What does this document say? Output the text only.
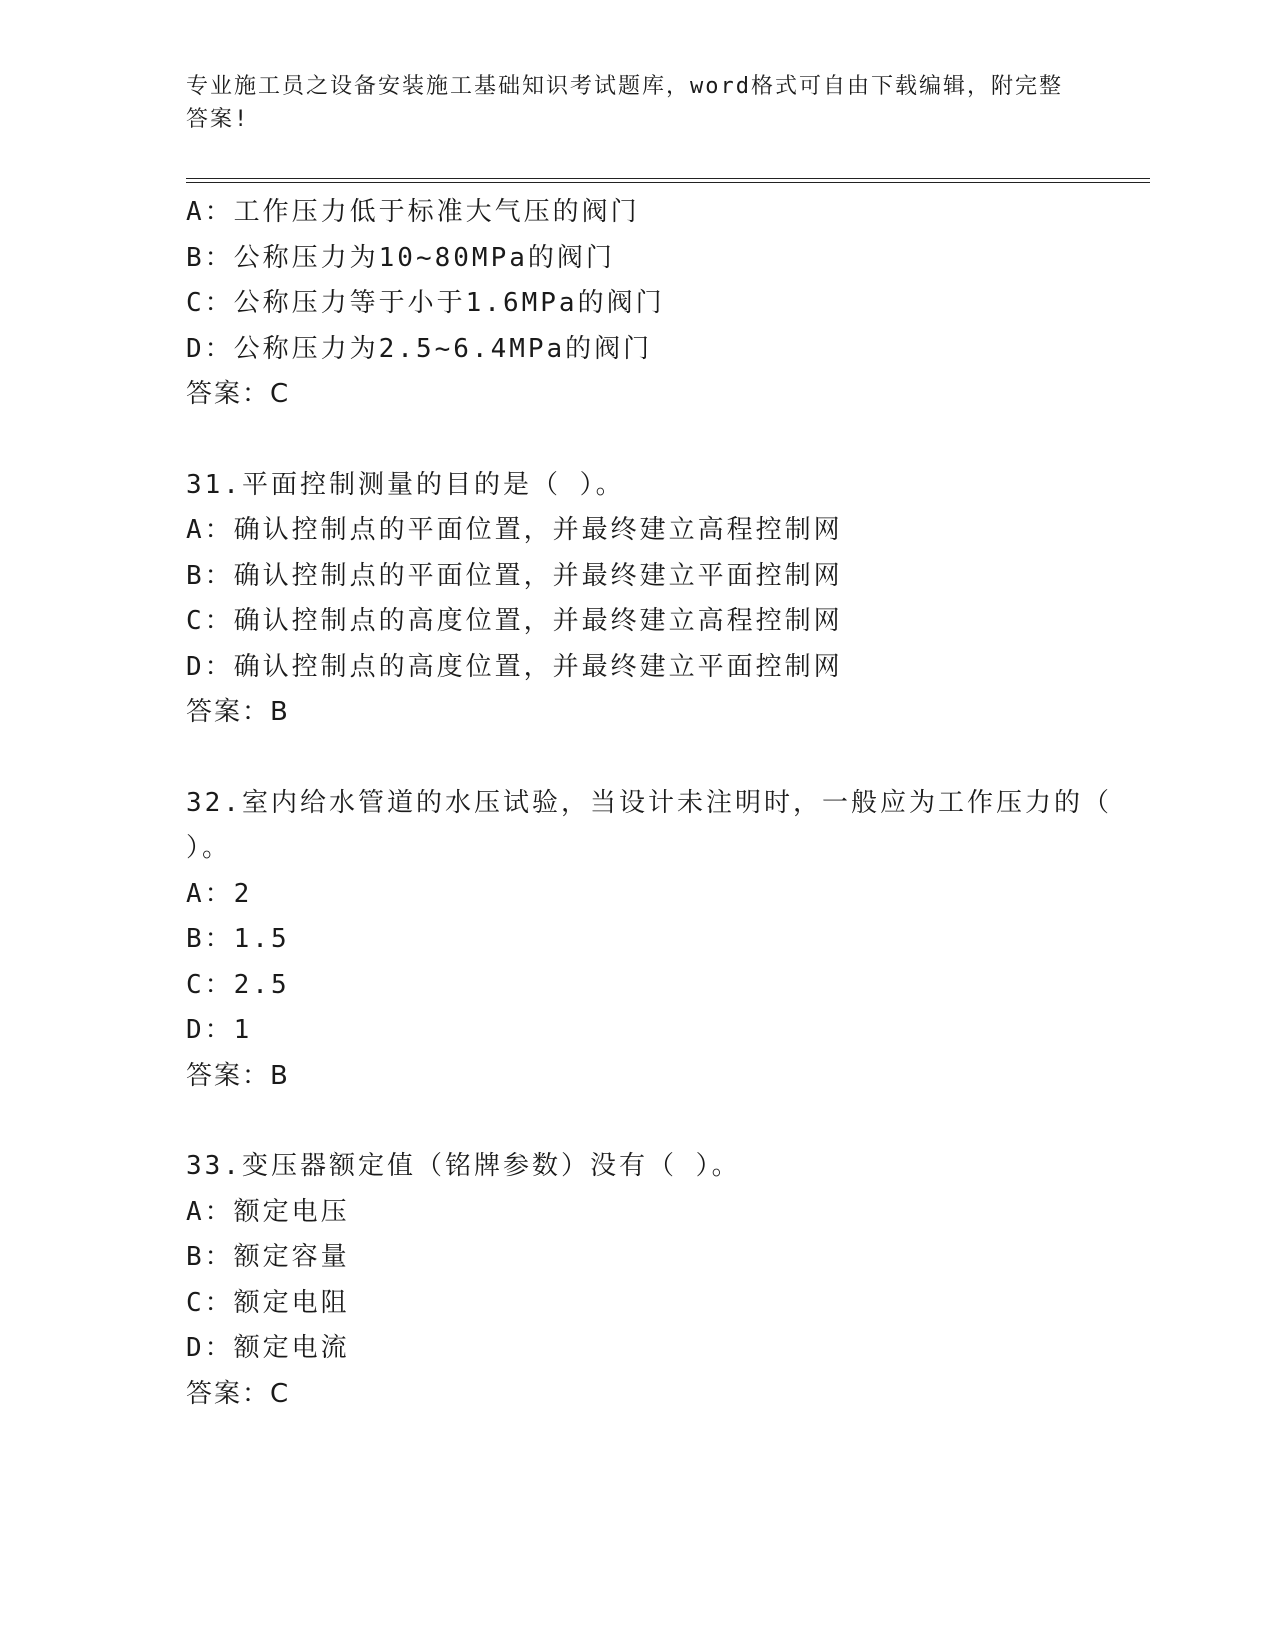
专业施工员之设备安装施工基础知识考试题库，word格式可自由下载编辑，附完整答案!
A：工作压力低于标准大气压的阀门
B：公称压力为10~80MPa的阀门
C：公称压力等于小于1.6MPa的阀门
D：公称压力为2.5~6.4MPa的阀门
答案：C
31.平面控制测量的目的是（ ）。
A：确认控制点的平面位置，并最终建立高程控制网
B：确认控制点的平面位置，并最终建立平面控制网
C：确认控制点的高度位置，并最终建立高程控制网
D：确认控制点的高度位置，并最终建立平面控制网
答案：B
32.室内给水管道的水压试验，当设计未注明时，一般应为工作压力的（ ）。
A：2
B：1.5
C：2.5
D：1
答案：B
33.变压器额定值（铭牌参数）没有（ ）。
A：额定电压
B：额定容量
C：额定电阻
D：额定电流
答案：C
